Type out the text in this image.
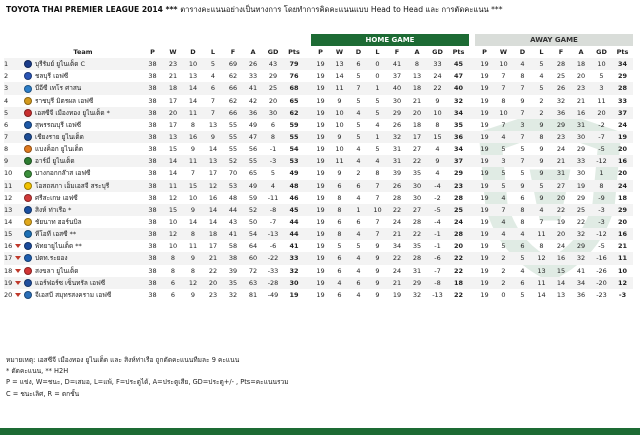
TOYOTA THAI PREMIER LEAGUE 2014 *** ตารางคะแนนอย่างเป็นทางการ โดยทำการคิดคะแนนแบบ Head to Head และ การตัดคะแนน ***
											HOME GAME									AWAY GAME							
	Team	P	W	D	L	F	A	GD	Pts		P	W	D	L	F	A	GD	Pts		P	W	D	L	F	A	GD	Pts
1	บุรีรัมย์ ยูไนเต็ด C	38	23	10	5	69	26	43	79		19	13	6	0	41	8	33	45		19	10	4	5	28	18	10	34
2	ชลบุรี เอฟซี	38	21	13	4	62	33	29	76		19	14	5	0	37	13	24	47		19	7	8	4	25	20	5	29
3	บีอีซี เทโร ศาสน	38	18	14	6	66	41	25	68		19	11	7	1	40	18	22	40		19	7	7	5	26	23	3	28
4	ราชบุรี มิตรผล เอฟซี	38	17	14	7	62	42	20	65		19	9	5	5	30	21	9	32		19	8	9	2	32	21	11	33
5	เอสซีจี เมืองทอง ยูไนเต็ด *	38	20	11	7	66	36	30	62		19	10	4	5	29	20	10	34		19	10	7	2	36	16	20	37
6	สุพรรณบุรี เอฟซี	38	17	8	13	55	49	6	59		19	10	5	4	26	18	8	35		19	7	3	9	29	31	-2	24
7	เชียงราย ยูไนเต็ด	38	13	16	9	55	47	8	55		19	9	5	1	32	17	15	36		19	4	7	8	23	30	-7	19
8	แบงค็อก ยูไนเต็ด	38	15	9	14	55	56	-1	54		19	10	4	5	31	27	4	34		19	5	5	9	24	29	-5	20
9	อาร์มี่ ยูไนเต็ด	38	14	11	13	52	55	-3	53		19	11	4	4	31	22	9	37		19	3	7	9	21	33	-12	16
10	บางกอกกล๊าส เอฟซี	38	14	7	17	70	65	5	49		19	9	2	8	39	35	4	29		19	5	5	9	31	30	1	20
11	โอสถสภา เอ็มเอสจี สระบุรี	38	11	15	12	53	49	4	48		19	6	6	7	26	30	-4	23		19	5	9	5	27	19	8	24
12	ศรีสะเกษ เอฟซี	38	12	10	16	48	59	-11	46		19	8	4	7	28	30	-2	28		19	4	6	9	20	29	-9	18
13	สิงห์ ท่าเรือ *	38	15	9	14	44	52	-8	45		19	8	1	10	22	27	-5	25		19	7	8	4	22	25	-3	29
14	ชัยนาท ฮอร์นบิล	38	10	14	14	43	50	-7	44		19	6	6	7	24	28	-4	24		19	4	8	7	19	22	-3	20
15	ทีโอที เอสซี **	38	12	8	18	41	54	-13	44		19	8	4	7	21	22	-1	28		19	4	4	11	20	32	-12	16
16	พัทยายูไนเต็ด **	38	10	11	17	58	64	-6	41		19	5	5	9	34	35	-1	20		19	5	6	8	24	29	-5	21
17	ปตท.ระยอง	38	8	9	21	38	60	-22	33		19	6	4	9	22	28	-6	22		19	2	5	12	16	32	-16	11
18	สงขลา ยูไนเต็ด	38	8	8	22	39	72	-33	32		19	6	4	9	24	31	-7	22		19	2	4	13	15	41	-26	10
19	แอร์ฟอร์ซ เซ็นทรัล เอฟซี	38	6	12	20	35	63	-28	30		19	4	6	9	21	29	-8	18		19	2	6	11	14	34	-20	12
20	จีเอสบี สมุทรสงคราม เอฟซี	38	6	9	23	32	81	-49	19		19	6	4	9	19	32	-13	22		19	0	5	14	13	36	-23	-3
หมายเหตุ: เอสซีจี เมืองทอง ยูไนเต็ด และ สิงห์ท่าเรือ ถูกตัดคะแนนทีมละ 9 คะแนน
* ตัดคะแนน, ** H2H
P = แข่ง, W=ชนะ, D=เสมอ, L=แพ้, F=ประตูได้, A=ประตูเสีย, GD=ประตู+/- , Pts=คะแนนรวม
C = ชนะเลิศ, R = ตกชั้น
